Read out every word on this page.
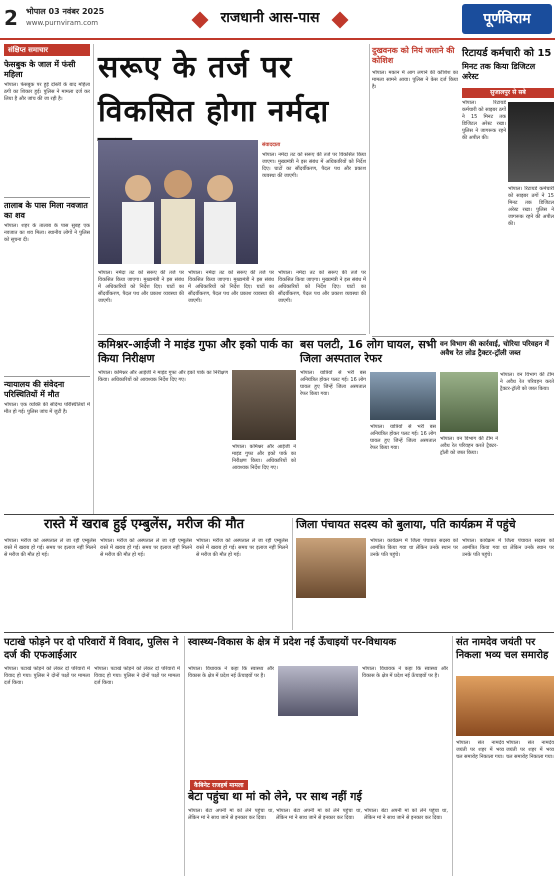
2	भोपाल 03 नवंबर 2025
www.purnviram.com	राजधानी आस-पास	पूर्णविराम
संक्षिप्त समाचार
फेसबुक के जाल में फंसी महिला
भोपाल। फेसबुक पर हुई दोस्ती के बाद महिला ठगी का शिकार हुई। पुलिस ने मामला दर्ज कर लिया है और जांच की जा रही है।
तालाब के पास मिला नवजात का शव
भोपाल। शहर के तालाब के पास सुबह एक नवजात का शव मिला। स्थानीय लोगों ने पुलिस को सूचना दी।
न्यायालय की संवेदना परिस्थितियों में मौत
भोपाल। एक व्यक्ति की संदिग्ध परिस्थितियों में मौत हो गई। पुलिस जांच में जुटी है।
सरूए के तर्ज पर
विकसित होगा नर्मदा
संवाददाता
भोपाल। नर्मदा तट को सरूए की तर्ज पर विकसित किया जाएगा। मुख्यमंत्री ने इस संबंध में अधिकारियों को निर्देश दिए। घाटों का सौंदर्यीकरण, पैदल पथ और प्रकाश व्यवस्था की जाएगी।
भोपाल। नर्मदा तट को सरूए की तर्ज पर विकसित किया जाएगा। मुख्यमंत्री ने इस संबंध में अधिकारियों को निर्देश दिए। घाटों का सौंदर्यीकरण, पैदल पथ और प्रकाश व्यवस्था की जाएगी।
भोपाल। नर्मदा तट को सरूए की तर्ज पर विकसित किया जाएगा। मुख्यमंत्री ने इस संबंध में अधिकारियों को निर्देश दिए। घाटों का सौंदर्यीकरण, पैदल पथ और प्रकाश व्यवस्था की जाएगी।
भोपाल। नर्मदा तट को सरूए की तर्ज पर विकसित किया जाएगा। मुख्यमंत्री ने इस संबंध में अधिकारियों को निर्देश दिए। घाटों का सौंदर्यीकरण, पैदल पथ और प्रकाश व्यवस्था की जाएगी।
कमिश्नर-आईजी ने माइंड गुफा और इको पार्क का किया निरीक्षण
भोपाल। कमिश्नर और आईजी ने माइंड गुफा और इको पार्क का निरीक्षण किया। अधिकारियों को आवश्यक निर्देश दिए गए।
भोपाल। कमिश्नर और आईजी ने माइंड गुफा और इको पार्क का निरीक्षण किया। अधिकारियों को आवश्यक निर्देश दिए गए।
बस पलटी, 16 लोग घायल, सभी जिला अस्पताल रेफर
भोपाल। यात्रियों से भरी बस अनियंत्रित होकर पलट गई। 16 लोग घायल हुए जिन्हें जिला अस्पताल रेफर किया गया।
भोपाल। यात्रियों से भरी बस अनियंत्रित होकर पलट गई। 16 लोग घायल हुए जिन्हें जिला अस्पताल रेफर किया गया।
दुखवनक को नियं जलाने की कोशिश
भोपाल। मकान में आग लगाने की कोशिश का मामला सामने आया। पुलिस ने केस दर्ज किया है।
रिटायर्ड कर्मचारी को 15
मिनट तक किया डिजिटल अरेस्ट
सुजालपुर से सबे
भोपाल। रिटायर्ड कर्मचारी को साइबर ठगों ने 15 मिनट तक डिजिटल अरेस्ट रखा। पुलिस ने जागरूक रहने की अपील की।
भोपाल। रिटायर्ड कर्मचारी को साइबर ठगों ने 15 मिनट तक डिजिटल अरेस्ट रखा। पुलिस ने जागरूक रहने की अपील की।
वन विभाग की कार्रवाई, चोरिया परिवहन में अवैध रेत लोड ट्रैक्टर-ट्रॉली जब्त
भोपाल। वन विभाग की टीम ने अवैध रेत परिवहन करते ट्रैक्टर-ट्रॉली को जब्त किया।
भोपाल। वन विभाग की टीम ने अवैध रेत परिवहन करते ट्रैक्टर-ट्रॉली को जब्त किया।
रास्ते में खराब हुई एम्बुलेंस, मरीज की मौत
भोपाल। मरीज को अस्पताल ले जा रही एम्बुलेंस रास्ते में खराब हो गई। समय पर इलाज नहीं मिलने से मरीज की मौत हो गई।
भोपाल। मरीज को अस्पताल ले जा रही एम्बुलेंस रास्ते में खराब हो गई। समय पर इलाज नहीं मिलने से मरीज की मौत हो गई।
भोपाल। मरीज को अस्पताल ले जा रही एम्बुलेंस रास्ते में खराब हो गई। समय पर इलाज नहीं मिलने से मरीज की मौत हो गई।
जिला पंचायत सदस्य को बुलाया, पति कार्यक्रम में पहुंचे
भोपाल। कार्यक्रम में जिला पंचायत सदस्य को आमंत्रित किया गया था लेकिन उनके स्थान पर उनके पति पहुंचे।
भोपाल। कार्यक्रम में जिला पंचायत सदस्य को आमंत्रित किया गया था लेकिन उनके स्थान पर उनके पति पहुंचे।
पटाखे फोड़ने पर दो परिवारों में विवाद, पुलिस ने दर्ज की एफआईआर
भोपाल। पटाखे फोड़ने को लेकर दो परिवारों में विवाद हो गया। पुलिस ने दोनों पक्षों पर मामला दर्ज किया।
भोपाल। पटाखे फोड़ने को लेकर दो परिवारों में विवाद हो गया। पुलिस ने दोनों पक्षों पर मामला दर्ज किया।
स्वास्थ्य-विकास के क्षेत्र में प्रदेश नई ऊँचाइयों पर-विधायक
भोपाल। विधायक ने कहा कि स्वास्थ्य और विकास के क्षेत्र में प्रदेश नई ऊँचाइयों पर है।
भोपाल। विधायक ने कहा कि स्वास्थ्य और विकास के क्षेत्र में प्रदेश नई ऊँचाइयों पर है।
कैबिनेट राजहर्ष मामला
बेटा पहुंचा था मां को लेने, पर साथ नहीं गई
भोपाल। बेटा अपनी मां को लेने पहुंचा था, लेकिन मां ने साथ जाने से इनकार कर दिया।
भोपाल। बेटा अपनी मां को लेने पहुंचा था, लेकिन मां ने साथ जाने से इनकार कर दिया।
भोपाल। बेटा अपनी मां को लेने पहुंचा था, लेकिन मां ने साथ जाने से इनकार कर दिया।
संत नामदेव जयंती पर निकला भव्य चल समारोह
भोपाल। संत नामदेव जयंती पर शहर में भव्य चल समारोह निकाला गया।
भोपाल। संत नामदेव जयंती पर शहर में भव्य चल समारोह निकाला गया।
